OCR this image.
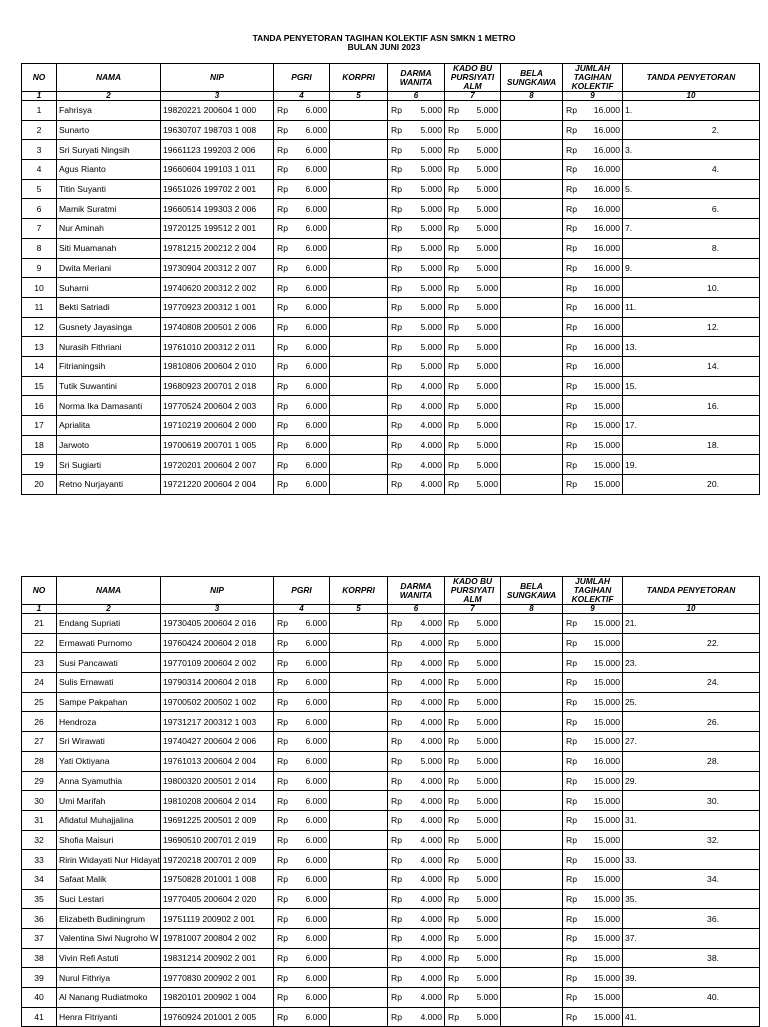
TANDA PENYETORAN TAGIHAN KOLEKTIF ASN SMKN 1 METRO
BULAN JUNI 2023
NO	NAMA	NIP	PGRI	KORPRI	DARMA WANITA	KADO BU PURSIYATI ALM	BELA SUNGKAWA	JUMLAH TAGIHAN KOLEKTIF	TANDA PENYETORAN
1	2	3	4	5	6	7	8	9	10
1	Fahrisya	19820221 200604 1 000	Rp 6.000		Rp 5.000	Rp 5.000		Rp 16.000	1.
2	Sunarto	19630707 198703 1 008	Rp 6.000		Rp 5.000	Rp 5.000		Rp 16.000	2.
3	Sri Suryati Ningsih	19661123 199203 2 006	Rp 6.000		Rp 5.000	Rp 5.000		Rp 16.000	3.
4	Agus Rianto	19660604 199103 1 011	Rp 6.000		Rp 5.000	Rp 5.000		Rp 16.000	4.
5	Titin Suyanti	19651026 199702 2 001	Rp 6.000		Rp 5.000	Rp 5.000		Rp 16.000	5.
6	Mamik Suratmi	19660514 199303 2 006	Rp 6.000		Rp 5.000	Rp 5.000		Rp 16.000	6.
7	Nur Aminah	19720125 199512 2 001	Rp 6.000		Rp 5.000	Rp 5.000		Rp 16.000	7.
8	Siti Muamanah	19781215 200212 2 004	Rp 6.000		Rp 5.000	Rp 5.000		Rp 16.000	8.
9	Dwita Meriani	19730904 200312 2 007	Rp 6.000		Rp 5.000	Rp 5.000		Rp 16.000	9.
10	Suharni	19740620 200312 2 002	Rp 6.000		Rp 5.000	Rp 5.000		Rp 16.000	10.
11	Bekti Satriadi	19770923 200312 1 001	Rp 6.000		Rp 5.000	Rp 5.000		Rp 16.000	11.
12	Gusnety Jayasinga	19740808 200501 2 006	Rp 6.000		Rp 5.000	Rp 5.000		Rp 16.000	12.
13	Nurasih Fithriani	19761010 200312 2 011	Rp 6.000		Rp 5.000	Rp 5.000		Rp 16.000	13.
14	Fitrianingsih	19810806 200604 2 010	Rp 6.000		Rp 5.000	Rp 5.000		Rp 16.000	14.
15	Tutik Suwantini	19680923 200701 2 018	Rp 6.000		Rp 4.000	Rp 5.000		Rp 15.000	15.
16	Norma Ika Damasanti	19770524 200604 2 003	Rp 6.000		Rp 4.000	Rp 5.000		Rp 15.000	16.
17	Aprialita	19710219 200604 2 000	Rp 6.000		Rp 4.000	Rp 5.000		Rp 15.000	17.
18	Jarwoto	19700619 200701 1 005	Rp 6.000		Rp 4.000	Rp 5.000		Rp 15.000	18.
19	Sri Sugiarti	19720201 200604 2 007	Rp 6.000		Rp 4.000	Rp 5.000		Rp 15.000	19.
20	Retno Nurjayanti	19721220 200604 2 004	Rp 6.000		Rp 4.000	Rp 5.000		Rp 15.000	20.
NO	NAMA	NIP	PGRI	KORPRI	DARMA WANITA	KADO BU PURSIYATI ALM	BELA SUNGKAWA	JUMLAH TAGIHAN KOLEKTIF	TANDA PENYETORAN
1	2	3	4	5	6	7	8	9	10
21	Endang Supriati	19730405 200604 2 016	Rp 6.000		Rp 4.000	Rp 5.000		Rp 15.000	21.
22	Ermawati Purnomo	19760424 200604 2 018	Rp 6.000		Rp 4.000	Rp 5.000		Rp 15.000	22.
23	Susi Pancawati	19770109 200604 2 002	Rp 6.000		Rp 4.000	Rp 5.000		Rp 15.000	23.
24	Sulis Ernawati	19790314 200604 2 018	Rp 6.000		Rp 4.000	Rp 5.000		Rp 15.000	24.
25	Sampe Pakpahan	19700502 200502 1 002	Rp 6.000		Rp 4.000	Rp 5.000		Rp 15.000	25.
26	Hendroza	19731217 200312 1 003	Rp 6.000		Rp 4.000	Rp 5.000		Rp 15.000	26.
27	Sri Wirawati	19740427 200604 2 006	Rp 6.000		Rp 4.000	Rp 5.000		Rp 15.000	27.
28	Yati Oktiyana	19761013 200604 2 004	Rp 6.000		Rp 5.000	Rp 5.000		Rp 16.000	28.
29	Anna Syamuthia	19800320 200501 2 014	Rp 6.000		Rp 4.000	Rp 5.000		Rp 15.000	29.
30	Umi Marifah	19810208 200604 2 014	Rp 6.000		Rp 4.000	Rp 5.000		Rp 15.000	30.
31	Afidatul Muhajjalina	19691225 200501 2 009	Rp 6.000		Rp 4.000	Rp 5.000		Rp 15.000	31.
32	Shofia Maisuri	19690510 200701 2 019	Rp 6.000		Rp 4.000	Rp 5.000		Rp 15.000	32.
33	Ririn Widayati Nur Hidayat	19720218 200701 2 009	Rp 6.000		Rp 4.000	Rp 5.000		Rp 15.000	33.
34	Safaat Malik	19750828 201001 1 008	Rp 6.000		Rp 4.000	Rp 5.000		Rp 15.000	34.
35	Suci Lestari	19770405 200604 2 020	Rp 6.000		Rp 4.000	Rp 5.000		Rp 15.000	35.
36	Elizabeth Budiningrum	19751119 200902 2 001	Rp 6.000		Rp 4.000	Rp 5.000		Rp 15.000	36.
37	Valentina Siwi Nugroho W	19781007 200804 2 002	Rp 6.000		Rp 4.000	Rp 5.000		Rp 15.000	37.
38	Vivin Refi Astuti	19831214 200902 2 001	Rp 6.000		Rp 4.000	Rp 5.000		Rp 15.000	38.
39	Nurul Fithriya	19770830 200902 2 001	Rp 6.000		Rp 4.000	Rp 5.000		Rp 15.000	39.
40	Al Nanang Rudiatmoko	19820101 200902 1 004	Rp 6.000		Rp 4.000	Rp 5.000		Rp 15.000	40.
41	Henra Fitriyanti	19760924 201001 2 005	Rp 6.000		Rp 4.000	Rp 5.000		Rp 15.000	41.
